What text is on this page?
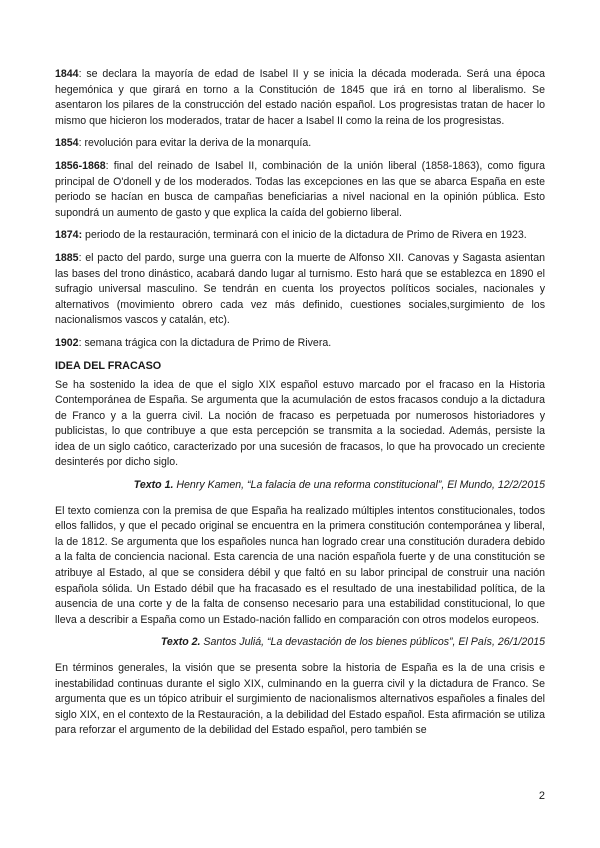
1844: se declara la mayoría de edad de Isabel II y se inicia la década moderada. Será una época hegemónica y que girará en torno a la Constitución de 1845 que irá en torno al liberalismo. Se asentaron los pilares de la construcción del estado nación español. Los progresistas tratan de hacer lo mismo que hicieron los moderados, tratar de hacer a Isabel II como la reina de los progresistas.

1854: revolución para evitar la deriva de la monarquía.

1856-1868: final del reinado de Isabel II, combinación de la unión liberal (1858-1863), como figura principal de O'donell y de los moderados. Todas las excepciones en las que se abarca España en este periodo se hacían en busca de campañas beneficiarias a nivel nacional en la opinión pública. Esto supondrá un aumento de gasto y que explica la caída del gobierno liberal.

1874: periodo de la restauración, terminará con el inicio de la dictadura de Primo de Rivera en 1923.

1885: el pacto del pardo, surge una guerra con la muerte de Alfonso XII. Canovas y Sagasta asientan las bases del trono dinástico, acabará dando lugar al turnismo. Esto hará que se establezca en 1890 el sufragio universal masculino. Se tendrán en cuenta los proyectos políticos sociales, nacionales y alternativos (movimiento obrero cada vez más definido, cuestiones sociales,surgimiento de los nacionalismos vascos y catalán, etc).

1902: semana trágica con la dictadura de Primo de Rivera.

IDEA DEL FRACASO

Se ha sostenido la idea de que el siglo XIX español estuvo marcado por el fracaso en la Historia Contemporánea de España. Se argumenta que la acumulación de estos fracasos condujo a la dictadura de Franco y a la guerra civil. La noción de fracaso es perpetuada por numerosos historiadores y publicistas, lo que contribuye a que esta percepción se transmita a la sociedad. Además, persiste la idea de un siglo caótico, caracterizado por una sucesión de fracasos, lo que ha provocado un creciente desinterés por dicho siglo.

Texto 1. Henry Kamen, “La falacia de una reforma constitucional”, El Mundo, 12/2/2015

El texto comienza con la premisa de que España ha realizado múltiples intentos constitucionales, todos ellos fallidos, y que el pecado original se encuentra en la primera constitución contemporánea y liberal, la de 1812. Se argumenta que los españoles nunca han logrado crear una constitución duradera debido a la falta de conciencia nacional. Esta carencia de una nación española fuerte y de una constitución se atribuye al Estado, al que se considera débil y que faltó en su labor principal de construir una nación española sólida. Un Estado débil que ha fracasado es el resultado de una inestabilidad política, de la ausencia de una corte y de la falta de consenso necesario para una estabilidad constitucional, lo que lleva a describir a España como un Estado-nación fallido en comparación con otros modelos europeos.

Texto 2. Santos Juliá, “La devastación de los bienes públicos”, El País, 26/1/2015

En términos generales, la visión que se presenta sobre la historia de España es la de una crisis e inestabilidad continuas durante el siglo XIX, culminando en la guerra civil y la dictadura de Franco. Se argumenta que es un tópico atribuir el surgimiento de nacionalismos alternativos españoles a finales del siglo XIX, en el contexto de la Restauración, a la debilidad del Estado español. Esta afirmación se utiliza para reforzar el argumento de la debilidad del Estado español, pero también se

2
